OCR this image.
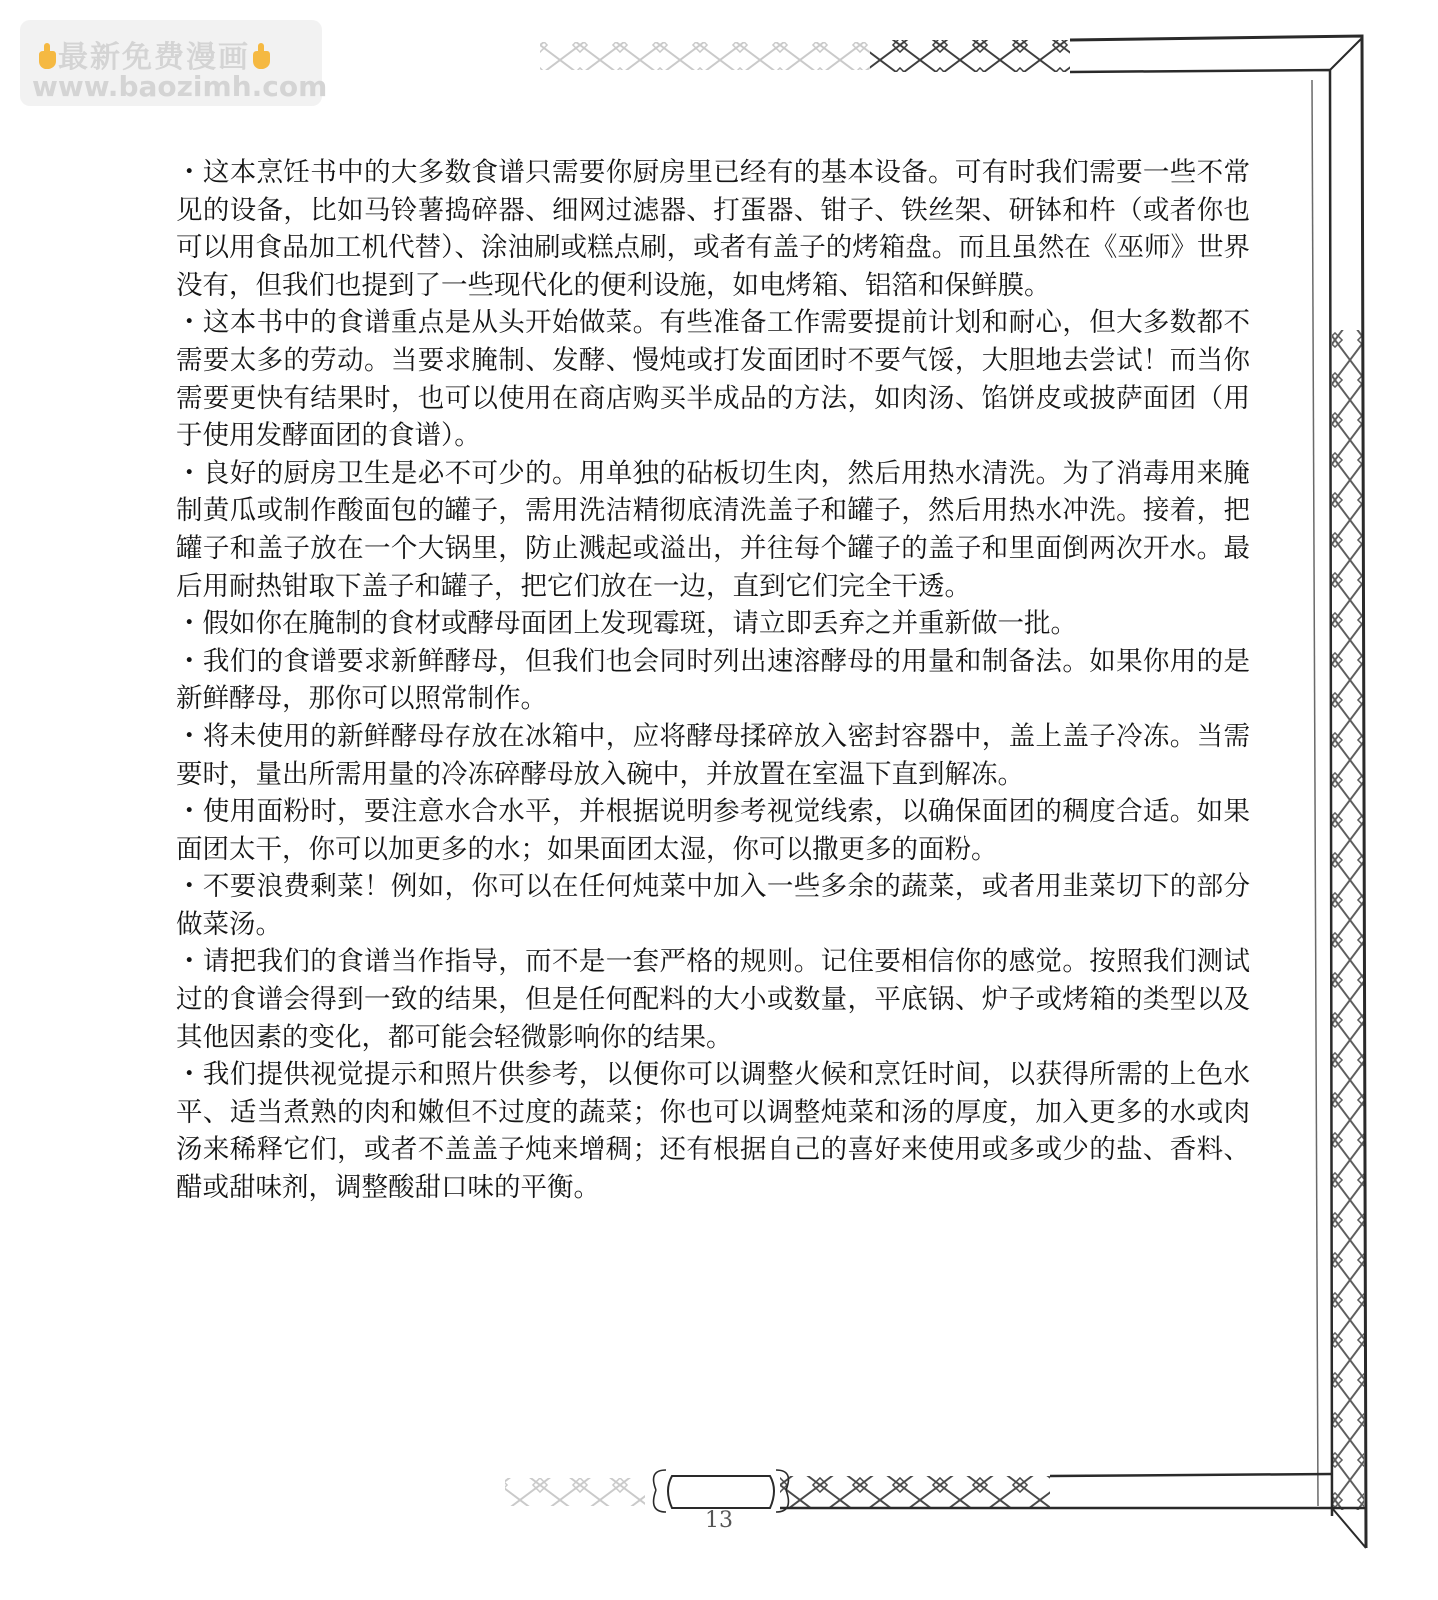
最新免费漫画
www.baozimh.com

・这本烹饪书中的大多数食谱只需要你厨房里已经有的基本设备。可有时我们需要一些不常见的设备，比如马铃薯捣碎器、细网过滤器、打蛋器、钳子、铁丝架、研钵和杵（或者你也可以用食品加工机代替）、涂油刷或糕点刷，或者有盖子的烤箱盘。而且虽然在《巫师》世界没有，但我们也提到了一些现代化的便利设施，如电烤箱、铝箔和保鲜膜。

・这本书中的食谱重点是从头开始做菜。有些准备工作需要提前计划和耐心，但大多数都不需要太多的劳动。当要求腌制、发酵、慢炖或打发面团时不要气馁，大胆地去尝试！而当你需要更快有结果时，也可以使用在商店购买半成品的方法，如肉汤、馅饼皮或披萨面团（用于使用发酵面团的食谱）。

・良好的厨房卫生是必不可少的。用单独的砧板切生肉，然后用热水清洗。为了消毒用来腌制黄瓜或制作酸面包的罐子，需用洗洁精彻底清洗盖子和罐子，然后用热水冲洗。接着，把罐子和盖子放在一个大锅里，防止溅起或溢出，并往每个罐子的盖子和里面倒两次开水。最后用耐热钳取下盖子和罐子，把它们放在一边，直到它们完全干透。

・假如你在腌制的食材或酵母面团上发现霉斑，请立即丢弃之并重新做一批。

・我们的食谱要求新鲜酵母，但我们也会同时列出速溶酵母的用量和制备法。如果你用的是新鲜酵母，那你可以照常制作。

・将未使用的新鲜酵母存放在冰箱中，应将酵母揉碎放入密封容器中，盖上盖子冷冻。当需要时，量出所需用量的冷冻碎酵母放入碗中，并放置在室温下直到解冻。

・使用面粉时，要注意水合水平，并根据说明参考视觉线索，以确保面团的稠度合适。如果面团太干，你可以加更多的水；如果面团太湿，你可以撒更多的面粉。

・不要浪费剩菜！例如，你可以在任何炖菜中加入一些多余的蔬菜，或者用韭菜切下的部分做菜汤。

・请把我们的食谱当作指导，而不是一套严格的规则。记住要相信你的感觉。按照我们测试过的食谱会得到一致的结果，但是任何配料的大小或数量，平底锅、炉子或烤箱的类型以及其他因素的变化，都可能会轻微影响你的结果。

・我们提供视觉提示和照片供参考，以便你可以调整火候和烹饪时间，以获得所需的上色水平、适当煮熟的肉和嫩但不过度的蔬菜；你也可以调整炖菜和汤的厚度，加入更多的水或肉汤来稀释它们，或者不盖盖子炖来增稠；还有根据自己的喜好来使用或多或少的盐、香料、醋或甜味剂，调整酸甜口味的平衡。

13
